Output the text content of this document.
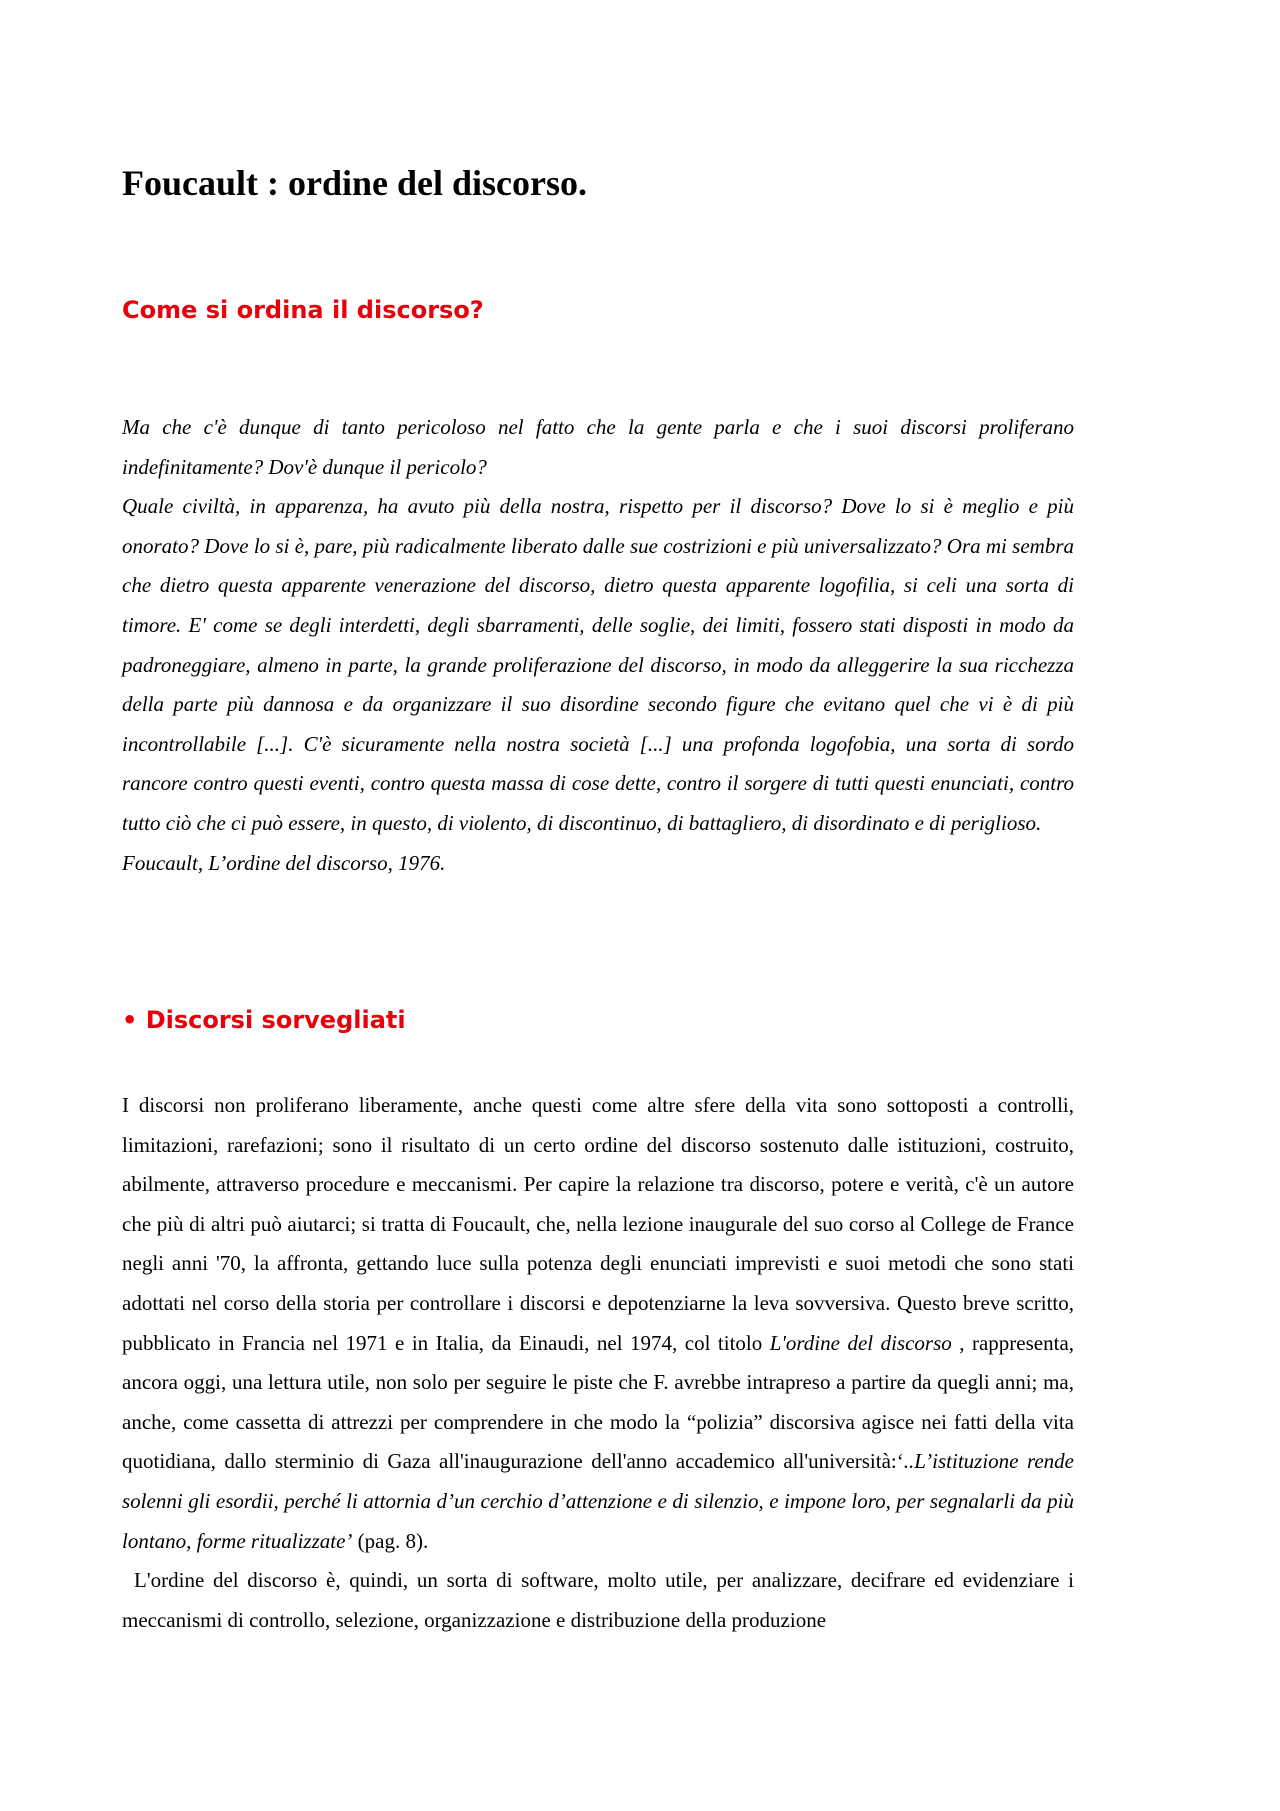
Foucault : ordine del discorso.
Come si ordina il discorso?

Ma che c'è dunque di tanto pericoloso nel fatto che la gente parla e che i suoi discorsi proliferano indefinitamente? Dov'è dunque il pericolo?

Quale civiltà, in apparenza, ha avuto più della nostra, rispetto per il discorso? Dove lo si è meglio e più onorato? Dove lo si è, pare, più radicalmente liberato dalle sue costrizioni e più universalizzato? Ora mi sembra che dietro questa apparente venerazione del discorso, dietro questa apparente logofilia, si celi una sorta di timore. E' come se degli interdetti, degli sbarramenti, delle soglie, dei limiti, fossero stati disposti in modo da padroneggiare, almeno in parte, la grande proliferazione del discorso, in modo da alleggerire la sua ricchezza della parte più dannosa e da organizzare il suo disordine secondo figure che evitano quel che vi è di più incontrollabile [...]. C'è sicuramente nella nostra società [...] una profonda logofobia, una sorta di sordo rancore contro questi eventi, contro questa massa di cose dette, contro il sorgere di tutti questi enunciati, contro tutto ciò che ci può essere, in questo, di violento, di discontinuo, di battagliero, di disordinato e di periglioso.

Foucault, L’ordine del discorso, 1976.

• Discorsi sorvegliati

I discorsi non proliferano liberamente, anche questi come altre sfere della vita sono sottoposti a controlli, limitazioni, rarefazioni; sono il risultato di un certo ordine del discorso sostenuto dalle istituzioni, costruito, abilmente, attraverso procedure e meccanismi. Per capire la relazione tra discorso, potere e verità, c'è un autore che più di altri può aiutarci; si tratta di Foucault, che, nella lezione inaugurale del suo corso al College de France negli anni '70, la affronta, gettando luce sulla potenza degli enunciati imprevisti e suoi metodi che sono stati adottati nel corso della storia per controllare i discorsi e depotenziarne la leva sovversiva. Questo breve scritto, pubblicato in Francia nel 1971 e in Italia, da Einaudi, nel 1974, col titolo L'ordine del discorso , rappresenta, ancora oggi, una lettura utile, non solo per seguire le piste che F. avrebbe intrapreso a partire da quegli anni; ma, anche, come cassetta di attrezzi per comprendere in che modo la “polizia” discorsiva agisce nei fatti della vita quotidiana, dallo sterminio di Gaza all'inaugurazione dell'anno accademico all'università:‘..L’istituzione rende solenni gli esordii, perché li attornia d’un cerchio d’attenzione e di silenzio, e impone loro, per segnalarli da più lontano, forme ritualizzate’ (pag. 8).

L'ordine del discorso è, quindi, un sorta di software, molto utile, per analizzare, decifrare ed evidenziare i meccanismi di controllo, selezione, organizzazione e distribuzione della produzione
